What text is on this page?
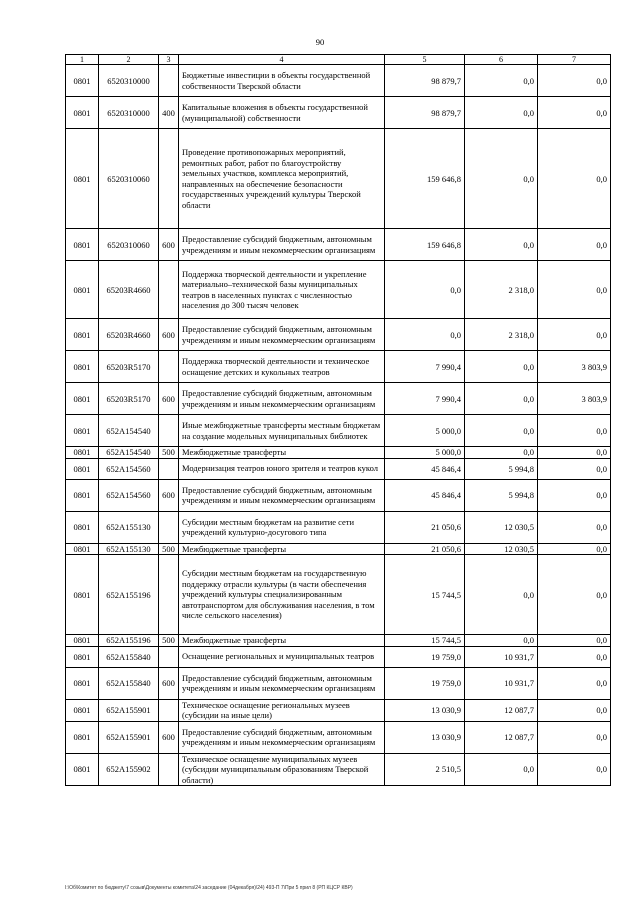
90
1	2	3	4	5	6	7
0801	6520310000		Бюджетные инвестиции в объекты государственной собственности Тверской области	98 879,7	0,0	0,0
0801	6520310000	400	Капитальные вложения в объекты государственной (муниципальной) собственности	98 879,7	0,0	0,0
0801	6520310060		Проведение противопожарных мероприятий, ремонтных работ, работ по благоустройству земельных участков, комплекса мероприятий, направленных на обеспечение безопасности государственных учреждений культуры Тверской области	159 646,8	0,0	0,0
0801	6520310060	600	Предоставление субсидий бюджетным, автономным учреждениям и иным некоммерческим организациям	159 646,8	0,0	0,0
0801	65203R4660		Поддержка творческой деятельности и укрепление материально–технической базы муниципальных театров в населенных пунктах с численностью населения до 300 тысяч человек	0,0	2 318,0	0,0
0801	65203R4660	600	Предоставление субсидий бюджетным, автономным учреждениям и иным некоммерческим организациям	0,0	2 318,0	0,0
0801	65203R5170		Поддержка творческой деятельности и техническое оснащение детских и кукольных театров	7 990,4	0,0	3 803,9
0801	65203R5170	600	Предоставление субсидий бюджетным, автономным учреждениям и иным некоммерческим организациям	7 990,4	0,0	3 803,9
0801	652A154540		Иные межбюджетные трансферты местным бюджетам на создание модельных муниципальных библиотек	5 000,0	0,0	0,0
0801	652A154540	500	Межбюджетные трансферты	5 000,0	0,0	0,0
0801	652A154560		Модернизация театров юного зрителя и театров кукол	45 846,4	5 994,8	0,0
0801	652A154560	600	Предоставление субсидий бюджетным, автономным учреждениям и иным некоммерческим организациям	45 846,4	5 994,8	0,0
0801	652A155130		Субсидии местным бюджетам на развитие сети учреждений культурно-досугового типа	21 050,6	12 030,5	0,0
0801	652A155130	500	Межбюджетные трансферты	21 050,6	12 030,5	0,0
0801	652A155196		Субсидии местным бюджетам на государственную поддержку отрасли культуры (в части обеспечения учреждений культуры специализированным автотранспортом для обслуживания населения, в том числе сельского населения)	15 744,5	0,0	0,0
0801	652A155196	500	Межбюджетные трансферты	15 744,5	0,0	0,0
0801	652A155840		Оснащение региональных и муниципальных театров	19 759,0	10 931,7	0,0
0801	652A155840	600	Предоставление субсидий бюджетным, автономным учреждениям и иным некоммерческим организациям	19 759,0	10 931,7	0,0
0801	652A155901		Техническое оснащение региональных музеев (субсидии на иные цели)	13 030,9	12 087,7	0,0
0801	652A155901	600	Предоставление субсидий бюджетным, автономным учреждениям и иным некоммерческим организациям	13 030,9	12 087,7	0,0
0801	652A155902		Техническое оснащение муниципальных музеев (субсидии муниципальным образованиям Тверской области)	2 510,5	0,0	0,0
I:\Об\Комитет по бюджету\7 созыв\Документы комитета\24 заседание (04декабря)\24) 493-П 7\При 5 прил 8 (РП КЦСР КВР)
